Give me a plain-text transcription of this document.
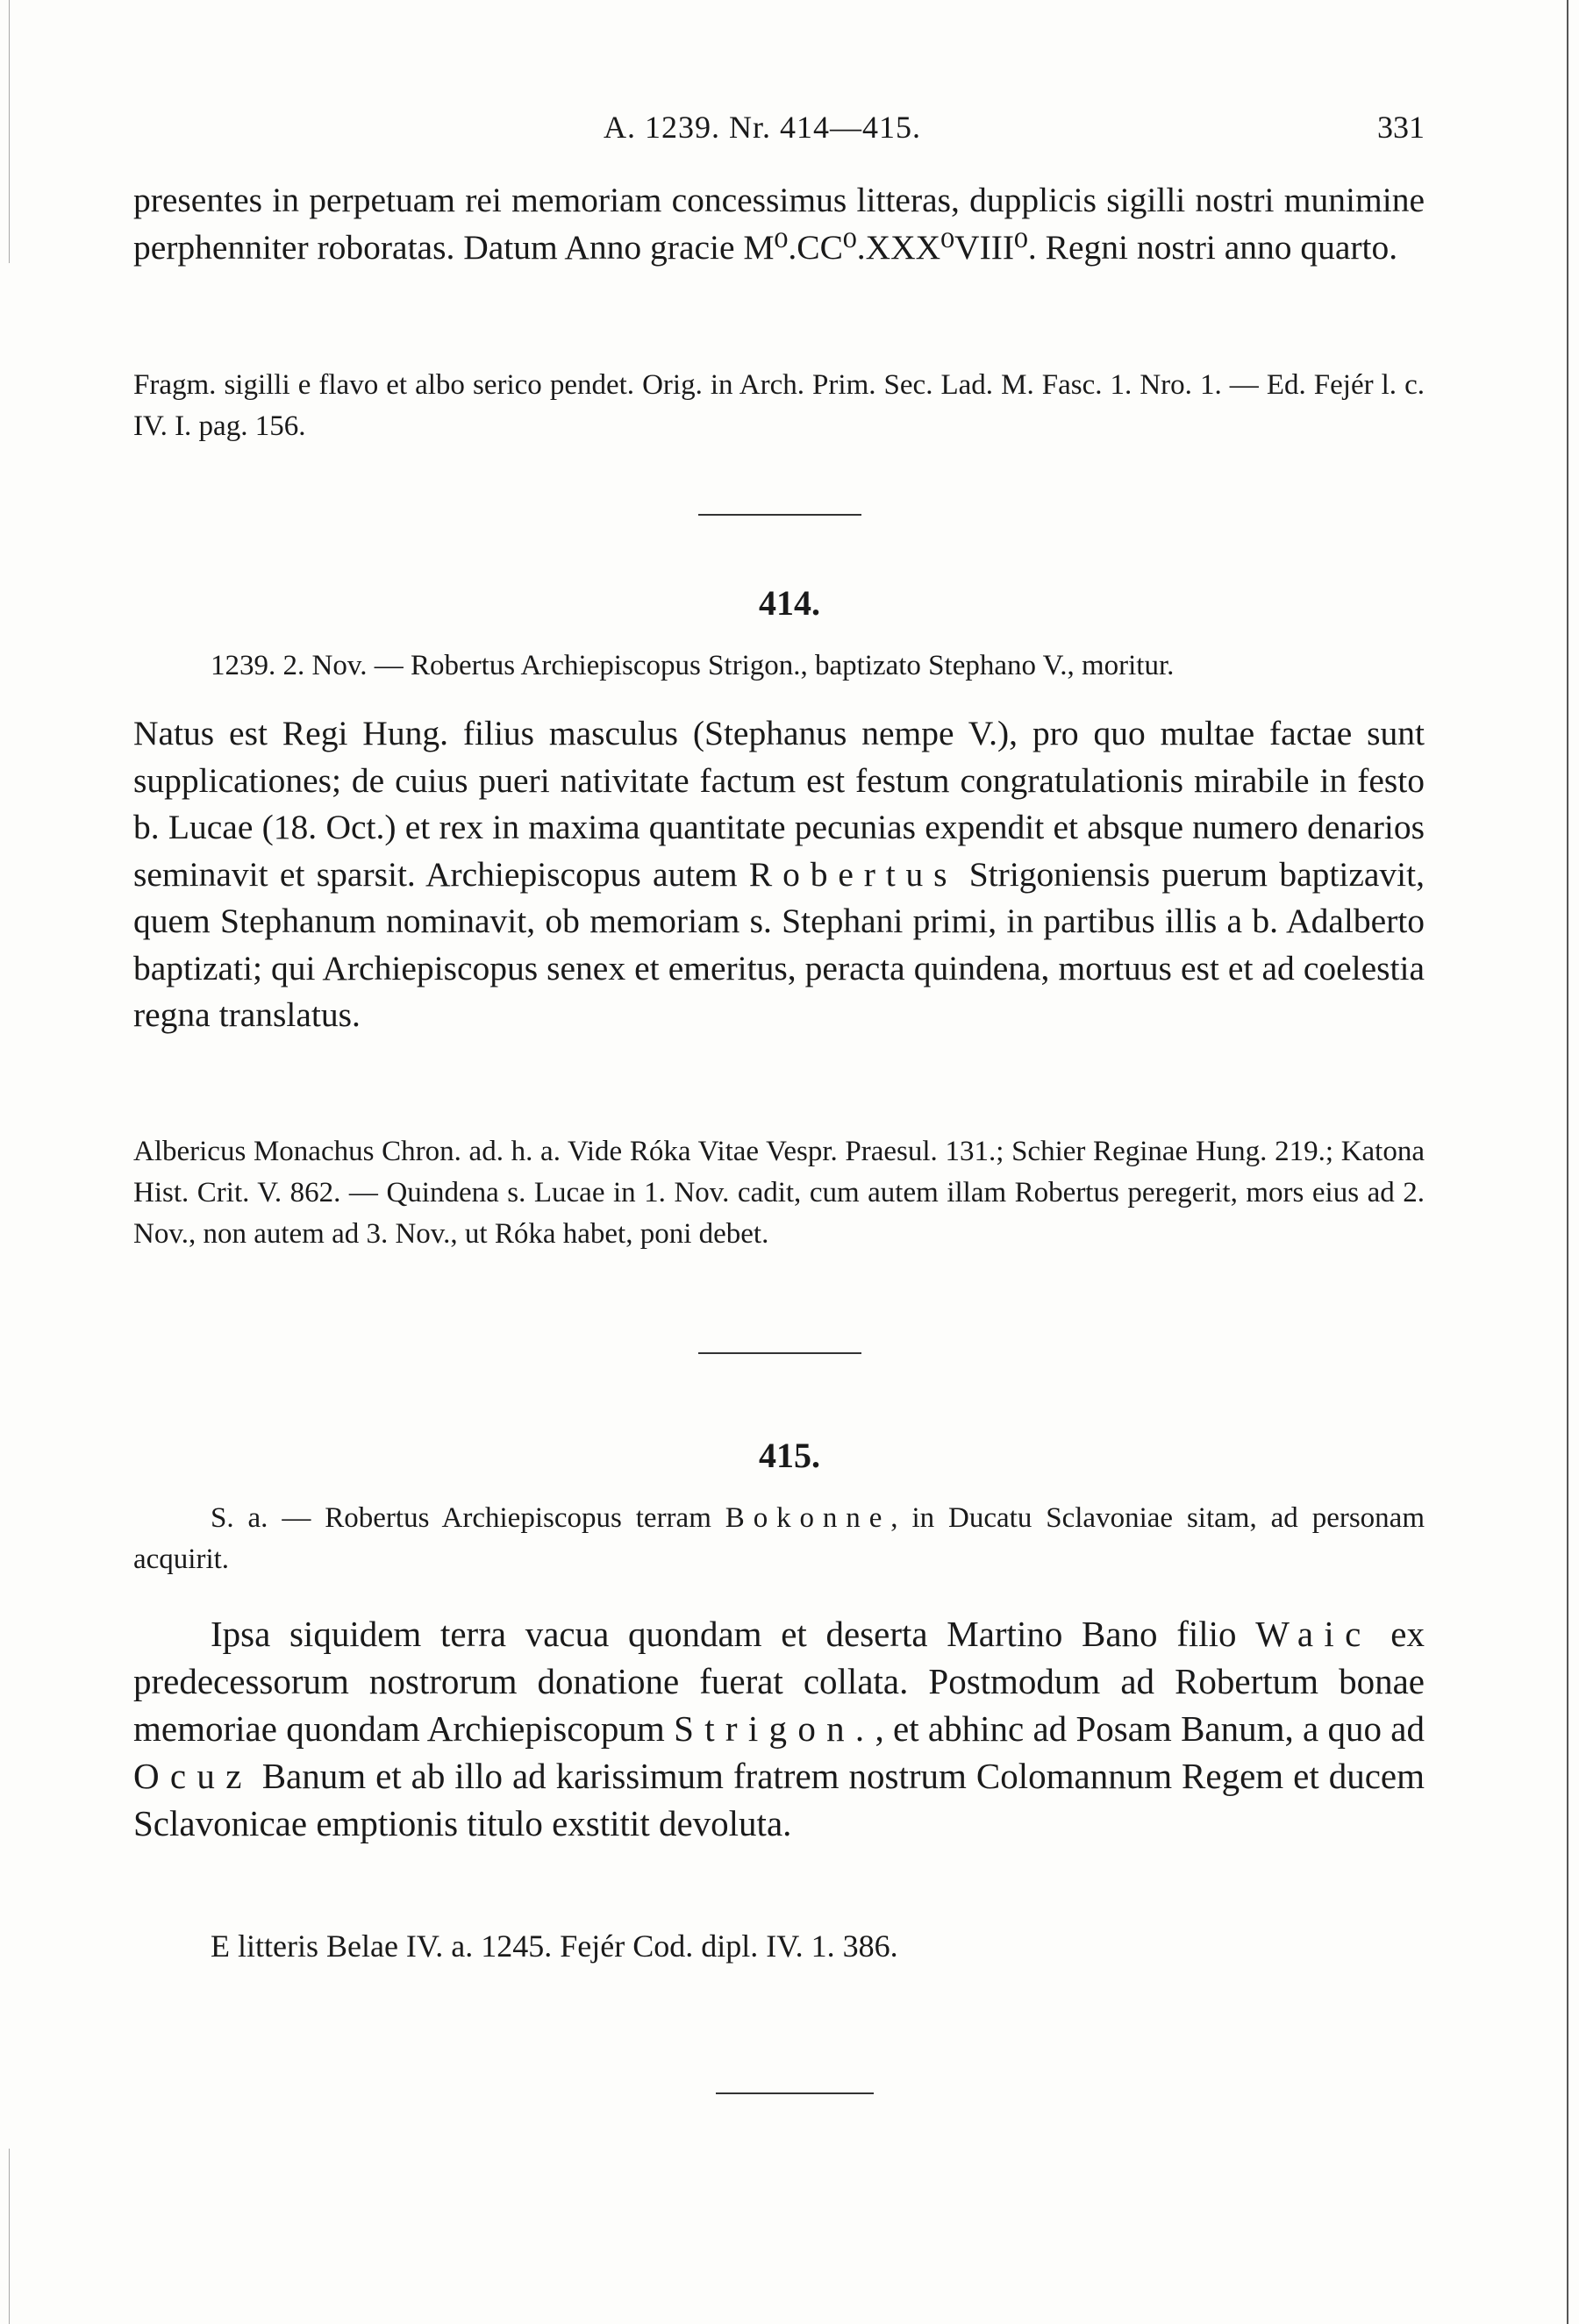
A. 1239. Nr. 414—415.	331

presentes in perpetuam rei memoriam concessimus litteras, dupplicis sigilli nostri munimine perphenniter roboratas. Datum Anno gracie M⁰.CC⁰.XXX⁰VIII⁰. Regni nostri anno quarto.

Fragm. sigilli e flavo et albo serico pendet. Orig. in Arch. Prim. Sec. Lad. M. Fasc. 1. Nro. 1. — Ed. Fejér l. c. IV. I. pag. 156.

414.

1239. 2. Nov. — Robertus Archiepiscopus Strigon., baptizato Stephano V., moritur.

Natus est Regi Hung. filius masculus (Stephanus nempe V.), pro quo multae factae sunt supplicationes; de cuius pueri nativitate factum est festum congratulationis mirabile in festo b. Lucae (18. Oct.) et rex in maxima quantitate pecunias expendit et absque numero denarios seminavit et sparsit. Archiepiscopus autem Robertus Strigoniensis puerum baptizavit, quem Stephanum nominavit, ob memoriam s. Stephani primi, in partibus illis a b. Adalberto baptizati; qui Archiepiscopus senex et emeritus, peracta quindena, mortuus est et ad coelestia regna translatus.

Albericus Monachus Chron. ad. h. a. Vide Róka Vitae Vespr. Praesul. 131.; Schier Reginae Hung. 219.; Katona Hist. Crit. V. 862. — Quindena s. Lucae in 1. Nov. cadit, cum autem illam Robertus peregerit, mors eius ad 2. Nov., non autem ad 3. Nov., ut Róka habet, poni debet.

415.

S. a. — Robertus Archiepiscopus terram Bokonne, in Ducatu Sclavoniae sitam, ad personam acquirit.

Ipsa siquidem terra vacua quondam et deserta Martino Bano filio Waic ex predecessorum nostrorum donatione fuerat collata. Postmodum ad Robertum bonae memoriae quondam Archiepiscopum Strigon., et abhinc ad Posam Banum, a quo ad Ocuz Banum et ab illo ad karissimum fratrem nostrum Colomannum Regem et ducem Sclavonicae emptionis titulo exstitit devoluta.

E litteris Belae IV. a. 1245. Fejér Cod. dipl. IV. 1. 386.
